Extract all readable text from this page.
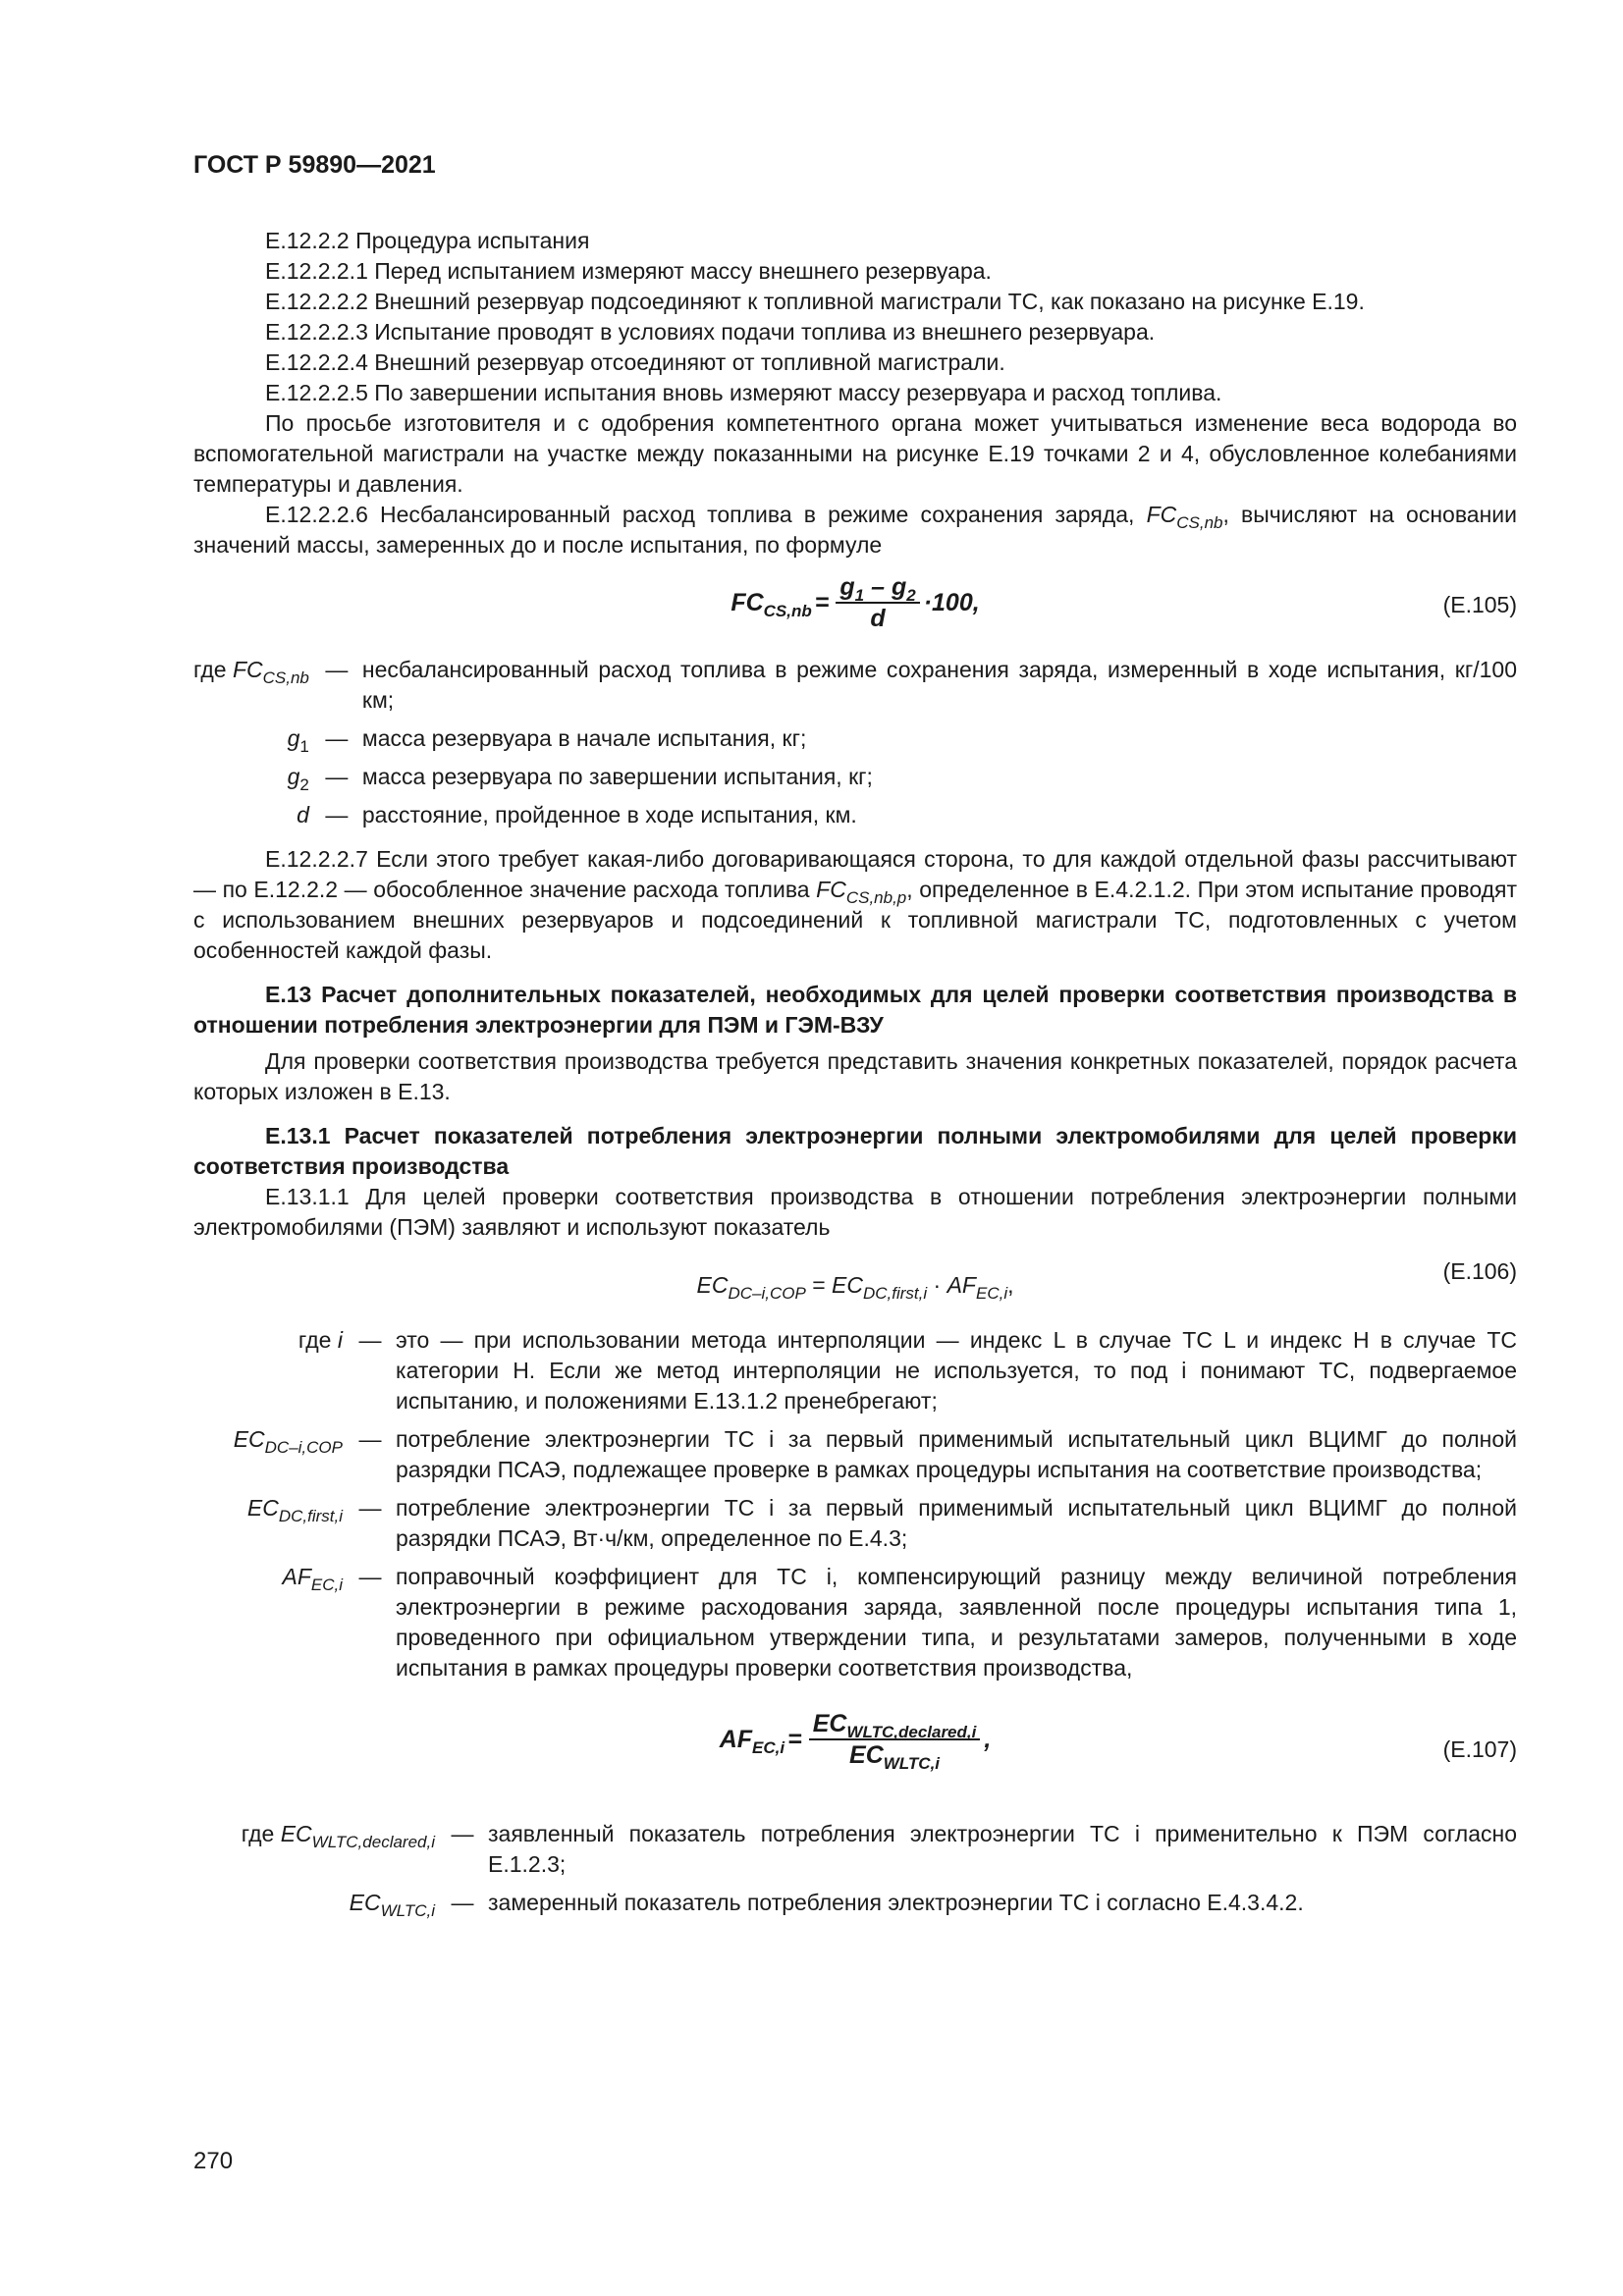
ГОСТ Р 59890—2021

Е.12.2.2 Процедура испытания

Е.12.2.2.1 Перед испытанием измеряют массу внешнего резервуара.

Е.12.2.2.2 Внешний резервуар подсоединяют к топливной магистрали ТС, как показано на рисунке Е.19.

Е.12.2.2.3 Испытание проводят в условиях подачи топлива из внешнего резервуара.

Е.12.2.2.4 Внешний резервуар отсоединяют от топливной магистрали.

Е.12.2.2.5 По завершении испытания вновь измеряют массу резервуара и расход топлива.

По просьбе изготовителя и с одобрения компетентного органа может учитываться изменение веса водорода во вспомогательной магистрали на участке между показанными на рисунке Е.19 точками 2 и 4, обусловленное колебаниями температуры и давления.

Е.12.2.2.6 Несбалансированный расход топлива в режиме сохранения заряда, $FC_{CS,nb}$, вычисляют на основании значений массы, замеренных до и после испытания, по формуле

$FC_{CS,nb} = \frac{g_1 - g_2}{d} \cdot 100$,	(Е.105)
где $FC_{CS,nb}$	—	несбалансированный расход топлива в режиме сохранения заряда, измеренный в ходе испытания, кг/100 км;
$g_1$	—	масса резервуара в начале испытания, кг;
$g_2$	—	масса резервуара по завершении испытания, кг;
d	—	расстояние, пройденное в ходе испытания, км.

Е.12.2.2.7 Если этого требует какая-либо договаривающаяся сторона, то для каждой отдельной фазы рассчитывают — по Е.12.2.2 — обособленное значение расхода топлива $FC_{CS,nb,p}$, определенное в Е.4.2.1.2. При этом испытание проводят с использованием внешних резервуаров и подсоединений к топливной магистрали ТС, подготовленных с учетом особенностей каждой фазы.

Е.13 Расчет дополнительных показателей, необходимых для целей проверки соответствия производства в отношении потребления электроэнергии для ПЭМ и ГЭМ-ВЗУ

Для проверки соответствия производства требуется представить значения конкретных показателей, порядок расчета которых изложен в Е.13.

Е.13.1 Расчет показателей потребления электроэнергии полными электромобилями для целей проверки соответствия производства

Е.13.1.1 Для целей проверки соответствия производства в отношении потребления электроэнергии полными электромобилями (ПЭМ) заявляют и используют показатель

$EC_{DC-i,COP} = EC_{DC,first,i} \cdot AF_{EC,i}$,
(Е.106)
где i	—	это — при использовании метода интерполяции — индекс L в случае ТС L и индекс H в случае ТС категории H. Если же метод интерполяции не используется, то под i понимают ТС, подвергаемое испытанию, и положениями Е.13.1.2 пренебрегают;
$EC_{DC-i,COP}$	—	потребление электроэнергии ТС i за первый применимый испытательный цикл ВЦИМГ до полной разрядки ПСАЭ, подлежащее проверке в рамках процедуры испытания на соответствие производства;
$EC_{DC,first,i}$	—	потребление электроэнергии ТС i за первый применимый испытательный цикл ВЦИМГ до полной разрядки ПСАЭ, Вт·ч/км, определенное по Е.4.3;
$AF_{EC,i}$	—	поправочный коэффициент для ТС i, компенсирующий разницу между величиной потребления электроэнергии в режиме расходования заряда, заявленной после процедуры испытания типа 1, проведенного при официальном утверждении типа, и результатами замеров, полученными в ходе испытания в рамках процедуры проверки соответствия производства,
$AF_{EC,i} = \frac{EC_{WLTC,declared,i}}{EC_{WLTC,i}}$ ,	(Е.107)
где $EC_{WLTC,declared,i}$	—	заявленный показатель потребления электроэнергии ТС i применительно к ПЭМ согласно Е.1.2.3;
$EC_{WLTC,i}$	—	замеренный показатель потребления электроэнергии ТС i согласно Е.4.3.4.2.
270
